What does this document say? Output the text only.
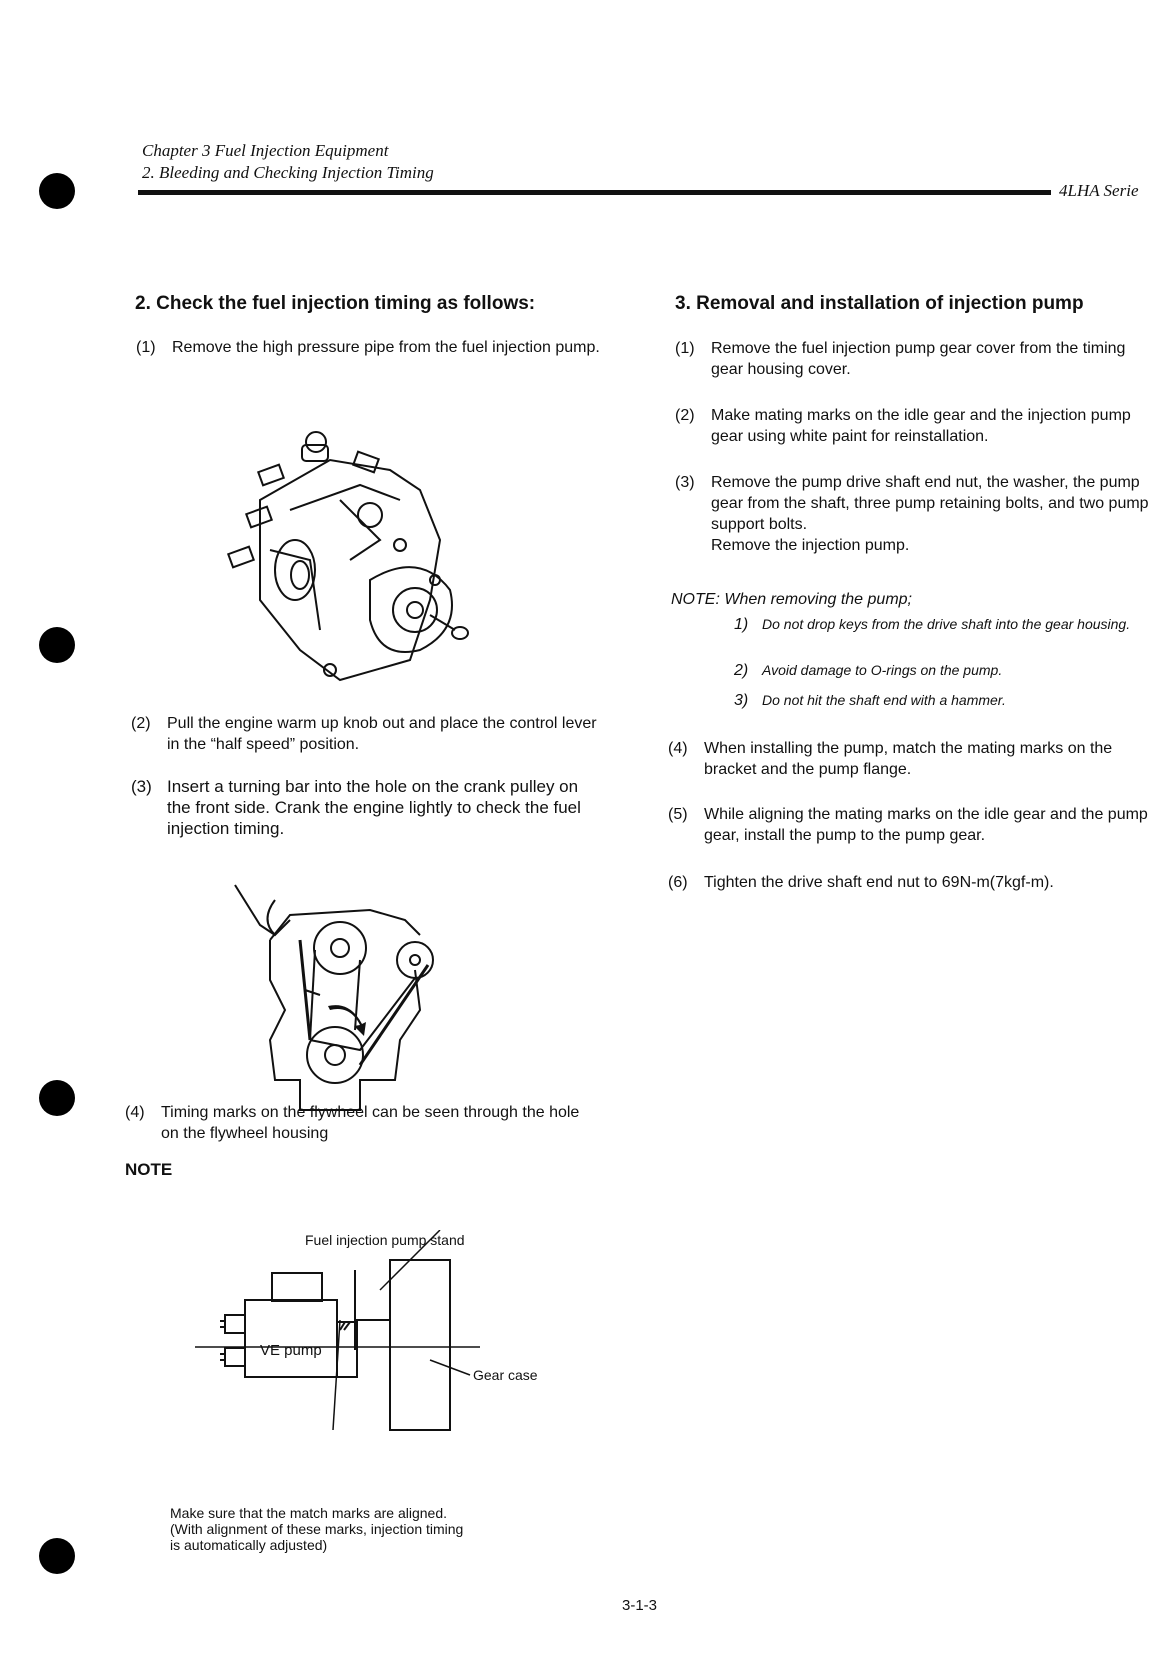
Chapter 3 Fuel Injection Equipment
2. Bleeding and Checking Injection Timing
4LHA Serie
2. Check the fuel injection timing as follows:
(1)	Remove the high pressure pipe from the fuel injection pump.
(2)	Pull the engine warm up knob out and place the control lever in the “half speed” position.
(3) Insert a turning bar into the hole on the crank pulley on the front side. Crank the engine lightly to check the fuel injection timing.
(4)	Timing marks on the flywheel can be seen through the hole on the flywheel housing
NOTE
Fuel injection pump stand
VE pump
Gear case
Make sure that the match marks are aligned.
(With alignment of these marks, injection timing
is automatically adjusted)
3. Removal and installation of injection pump
(1)	Remove the fuel injection pump gear cover from the timing gear housing cover.
(2)	Make mating marks on the idle gear and the injection pump gear using white paint for reinstallation.
(3)	Remove the pump drive shaft end nut, the washer, the pump gear from the shaft, three pump retaining bolts, and two pump support bolts.
Remove the injection pump.
NOTE: When removing the pump;
1) Do not drop keys from the drive shaft into the gear housing.
2) Avoid damage to O-rings on the pump.
3) Do not hit the shaft end with a hammer.
(4)	When installing the pump, match the mating marks on the bracket and the pump flange.
(5)	While aligning the mating marks on the idle gear and the pump gear, install the pump to the pump gear.
(6)	Tighten the drive shaft end nut to 69N-m(7kgf-m).
3-1-3
